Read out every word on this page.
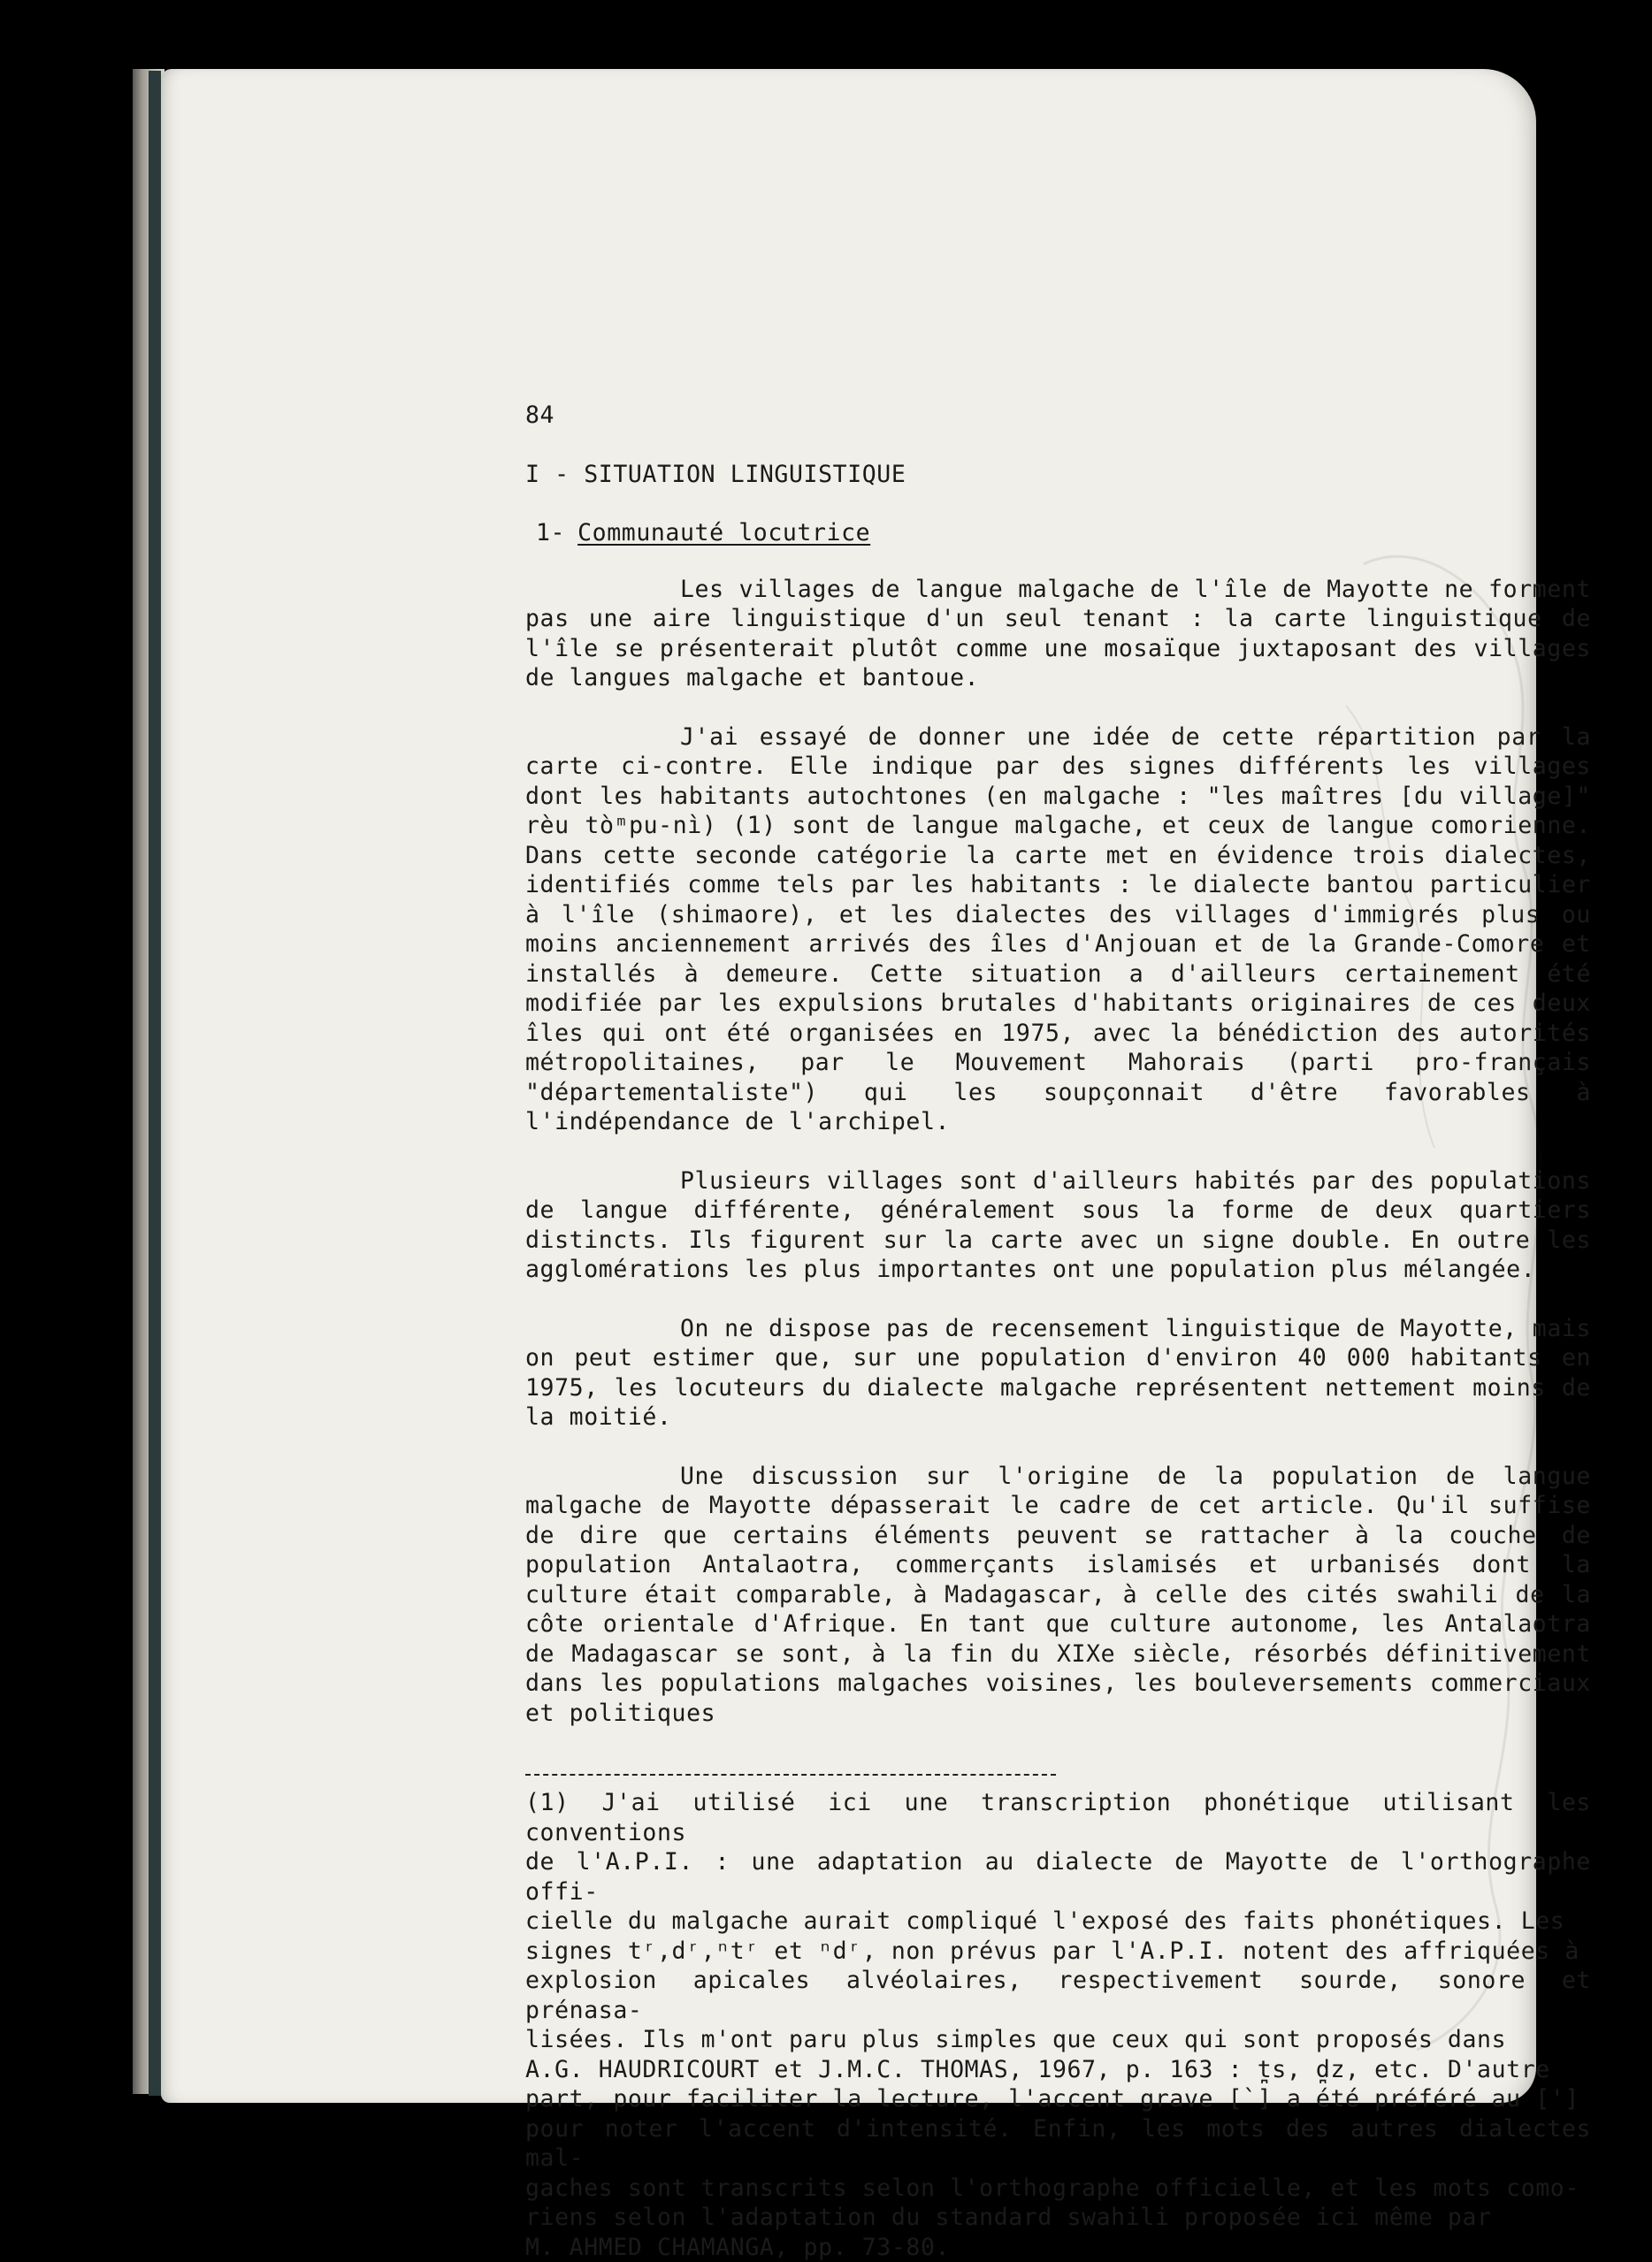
84
I - SITUATION LINGUISTIQUE
1- Communauté locutrice

Les villages de langue malgache de l'île de Mayotte ne forment pas une aire linguistique d'un seul tenant : la carte linguistique de l'île se présenterait plutôt comme une mosaïque juxtaposant des villages de langues malgache et bantoue.

J'ai essayé de donner une idée de cette répartition par la carte ci-contre. Elle indique par des signes différents les villages dont les habitants autochtones (en malgache : "les maîtres [du village]" rèu tòᵐpu-nì) (1) sont de langue malgache, et ceux de langue comorienne. Dans cette seconde catégorie la carte met en évidence trois dialectes, identifiés comme tels par les habitants : le dialecte bantou particulier à l'île (shimaore), et les dialectes des villages d'immigrés plus ou moins anciennement arrivés des îles d'Anjouan et de la Grande-Comore et installés à demeure. Cette situation a d'ailleurs certainement été modifiée par les expulsions brutales d'habitants originaires de ces deux îles qui ont été organisées en 1975, avec la bénédiction des autorités métropolitaines, par le Mouvement Mahorais (parti pro-français "départementaliste") qui les soupçonnait d'être favorables à l'indépendance de l'archipel.

Plusieurs villages sont d'ailleurs habités par des populations de langue différente, généralement sous la forme de deux quartiers distincts. Ils figurent sur la carte avec un signe double. En outre les agglomérations les plus importantes ont une population plus mélangée.

On ne dispose pas de recensement linguistique de Mayotte, mais on peut estimer que, sur une population d'environ 40 000 habitants en 1975, les locuteurs du dialecte malgache représentent nettement moins de la moitié.

Une discussion sur l'origine de la population de langue malgache de Mayotte dépasserait le cadre de cet article. Qu'il suffise de dire que certains éléments peuvent se rattacher à la couche de population Antalaotra, commerçants islamisés et urbanisés dont la culture était comparable, à Madagascar, à celle des cités swahili de la côte orientale d'Afrique. En tant que culture autonome, les Antalaotra de Madagascar se sont, à la fin du XIXe siècle, résorbés définitivement dans les populations malgaches voisines, les bouleversements commerciaux et politiques

(1) J'ai utilisé ici une transcription phonétique utilisant les conventions
de l'A.P.I. : une adaptation au dialecte de Mayotte de l'orthographe offi-
cielle du malgache aurait compliqué l'exposé des faits phonétiques. Les
signes tʳ,dʳ,ⁿtʳ et ⁿdʳ, non prévus par l'A.P.I. notent des affriquées à
explosion apicales alvéolaires, respectivement sourde, sonore et prénasa-
lisées. Ils m'ont paru plus simples que ceux qui sont proposés dans
A.G. HAUDRICOURT et J.M.C. THOMAS, 1967, p. 163 : t̪s, d̪z, etc. D'autre
part, pour faciliter la lecture, l'accent grave [`] a été préféré au [']
pour noter l'accent d'intensité. Enfin, les mots des autres dialectes mal-
gaches sont transcrits selon l'orthographe officielle, et les mots como-
riens selon l'adaptation du standard swahili proposée ici même par
M. AHMED CHAMANGA, pp. 73-80.
